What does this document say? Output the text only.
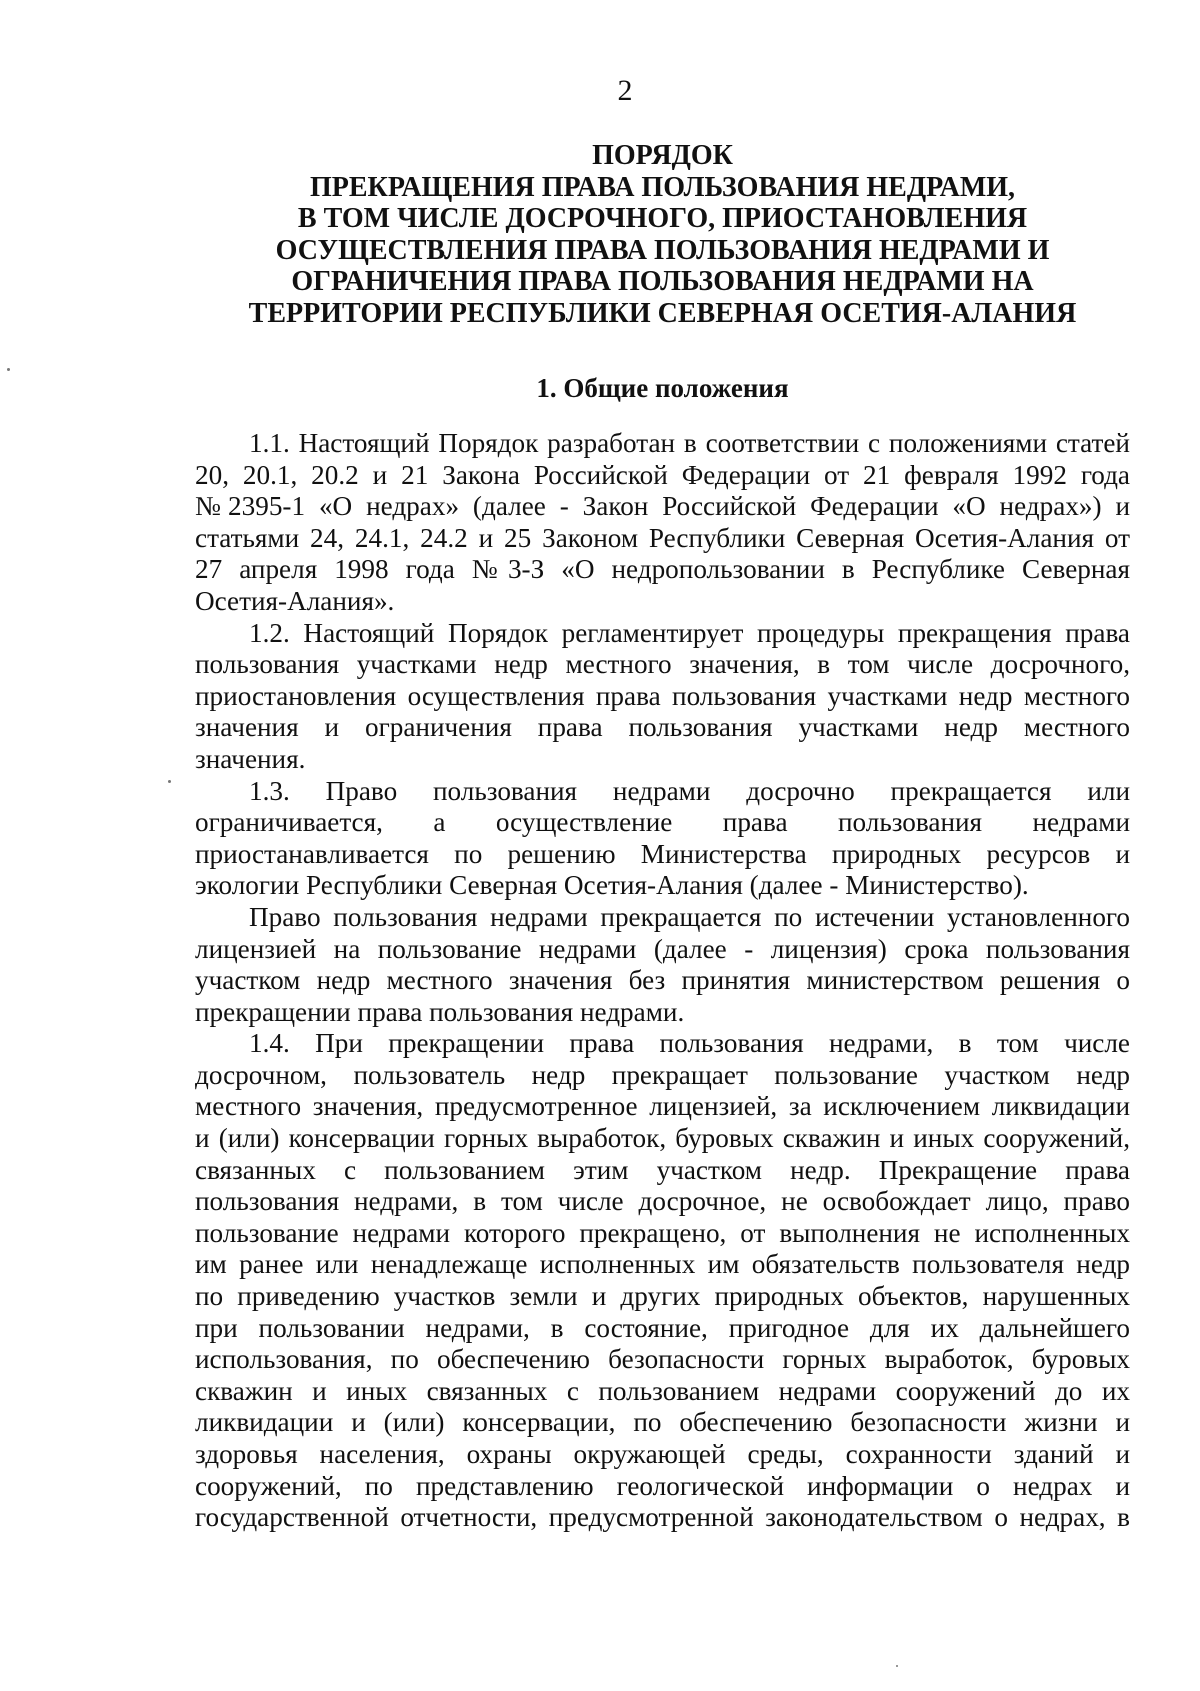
2
ПОРЯДОК
ПРЕКРАЩЕНИЯ ПРАВА ПОЛЬЗОВАНИЯ НЕДРАМИ,
В ТОМ ЧИСЛЕ ДОСРОЧНОГО, ПРИОСТАНОВЛЕНИЯ
ОСУЩЕСТВЛЕНИЯ ПРАВА ПОЛЬЗОВАНИЯ НЕДРАМИ И
ОГРАНИЧЕНИЯ ПРАВА ПОЛЬЗОВАНИЯ НЕДРАМИ НА
ТЕРРИТОРИИ РЕСПУБЛИКИ СЕВЕРНАЯ ОСЕТИЯ-АЛАНИЯ
1. Общие положения
1.1. Настоящий Порядок разработан в соответствии с положениями статей
20, 20.1, 20.2 и 21 Закона Российской Федерации от 21 февраля 1992 года
№2395-1 «О недрах» (далее - Закон Российской Федерации «О недрах») и
статьями 24, 24.1, 24.2 и 25 Законом Республики Северная Осетия-Алания от
27 апреля 1998 года №3-З «О недропользовании в Республике Северная
Осетия-Алания».
1.2. Настоящий Порядок регламентирует процедуры прекращения права
пользования участками недр местного значения, в том числе досрочного,
приостановления осуществления права пользования участками недр местного
значения и ограничения права пользования участками недр местного
значения.
1.3. Право пользования недрами досрочно прекращается или
ограничивается, а осуществление права пользования недрами
приостанавливается по решению Министерства природных ресурсов и
экологии Республики Северная Осетия-Алания (далее - Министерство).
Право пользования недрами прекращается по истечении установленного
лицензией на пользование недрами (далее - лицензия) срока пользования
участком недр местного значения без принятия министерством решения о
прекращении права пользования недрами.
1.4. При прекращении права пользования недрами, в том числе
досрочном, пользователь недр прекращает пользование участком недр
местного значения, предусмотренное лицензией, за исключением ликвидации
и (или) консервации горных выработок, буровых скважин и иных сооружений,
связанных с пользованием этим участком недр. Прекращение права
пользования недрами, в том числе досрочное, не освобождает лицо, право
пользование недрами которого прекращено, от выполнения не исполненных
им ранее или ненадлежаще исполненных им обязательств пользователя недр
по приведению участков земли и других природных объектов, нарушенных
при пользовании недрами, в состояние, пригодное для их дальнейшего
использования, по обеспечению безопасности горных выработок, буровых
скважин и иных связанных с пользованием недрами сооружений до их
ликвидации и (или) консервации, по обеспечению безопасности жизни и
здоровья населения, охраны окружающей среды, сохранности зданий и
сооружений, по представлению геологической информации о недрах и
государственной отчетности, предусмотренной законодательством о недрах, в
